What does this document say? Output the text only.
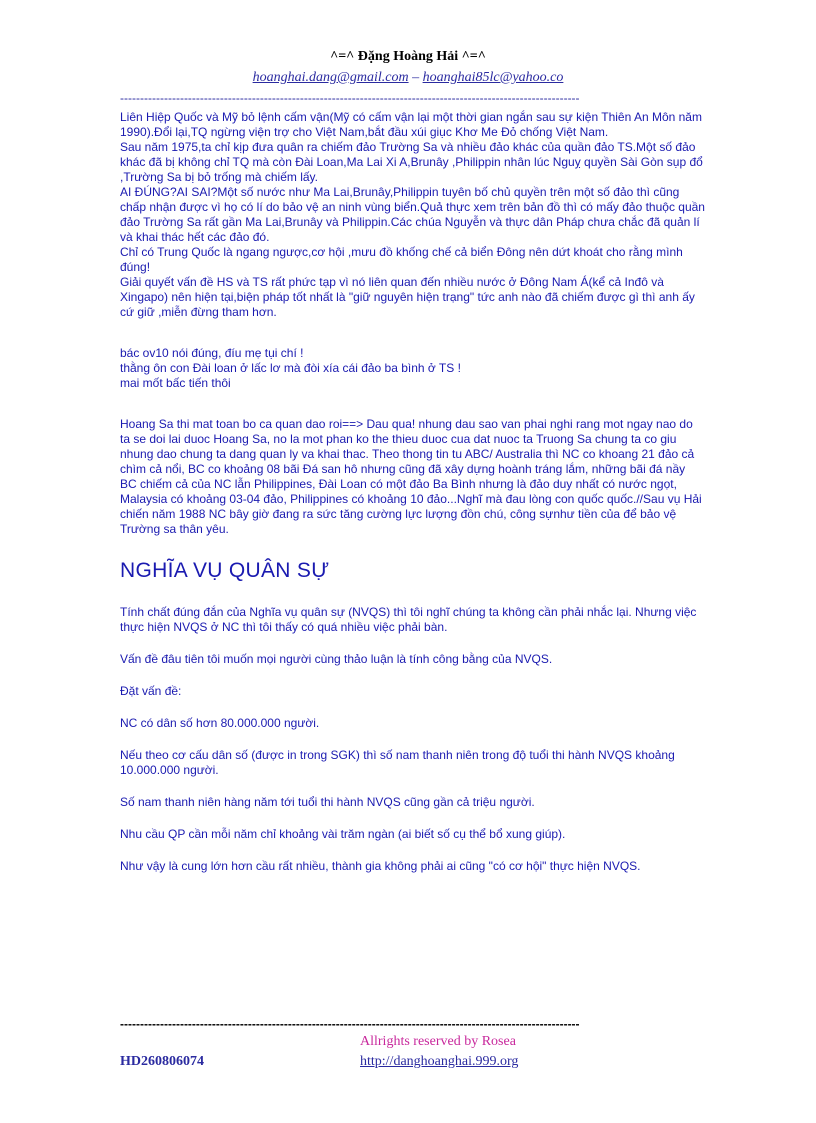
^=^ Đặng Hoàng Hải ^=^
hoanghai.dang@gmail.com – hoanghai85lc@yahoo.co
-------------------------------------------------------------------------------------------------------------------

Liên Hiệp Quốc và Mỹ bỏ lệnh cấm vận(Mỹ có cấm vận lại một thời gian ngắn sau sự kiện Thiên An Môn năm 1990).Đổi lại,TQ ngừng viện trợ cho Việt Nam,bắt đầu xúi giục Khơ Me Đỏ chống Việt Nam.

Sau năm 1975,ta chỉ kịp đưa quân ra chiếm đảo Trường Sa và nhiều đảo khác của quần đảo TS.Một số đảo khác đã bị không chỉ TQ mà còn Đài Loan,Ma Lai Xi A,Brunây ,Philippin nhân lúc Nguỵ quyền Sài Gòn sụp đổ ,Trường Sa bị bỏ trống mà chiếm lấy.

AI ĐÚNG?AI SAI?Một số nước như Ma Lai,Brunây,Philippin tuyên bố chủ quyền trên một số đảo thì cũng chấp nhận được vì họ có lí do bảo vệ an ninh vùng biển.Quả thực xem trên bản đồ thì có mấy đảo thuộc quần đảo Trường Sa rất gần Ma Lai,Brunây và Philippin.Các chúa Nguyễn và thực dân Pháp chưa chắc đã quản lí và khai thác hết các đảo đó.

Chỉ có Trung Quốc là ngang ngược,cơ hội ,mưu đồ khống chế cả biển Đông nên dứt khoát cho rằng mình đúng!

Giải quyết vấn đề HS và TS rất phức tạp vì nó liên quan đến nhiều nước ở Đông Nam Á(kể cả Inđô và Xingapo) nên hiện tại,biện pháp tốt nhất là "giữ nguyên hiện trạng" tức anh nào đã chiếm được gì thì anh ấy cứ giữ ,miễn đừng tham hơn.

bác ov10 nói đúng, đíu mẹ tụi chí !

thằng ôn con Đài loan ở lấc lơ mà đòi xía cái đảo ba bình ở TS !

mai mốt bấc tiến thôi

Hoang Sa thi mat toan bo ca quan dao roi==> Dau qua! nhung dau sao van phai nghi rang mot ngay nao do ta se doi lai duoc Hoang Sa, no la mot phan ko the thieu duoc cua dat nuoc ta Truong Sa chung ta co giu nhung dao chung ta dang quan ly va khai thac. Theo thong tin tu ABC/ Australia thì NC co khoang 21 đảo cả chìm cả nổi, BC co khoảng 08 bãi Đá san hô nhưng cũng đã xây dựng hoành tráng lắm, những bãi đá nầy BC chiếm cả của NC lẫn Philippines, Đài Loan có một đảo Ba Bình nhưng là đảo duy nhất có nước ngọt, Malaysia có khoảng 03-04 đảo, Philippines có khoảng 10 đảo...Nghĩ mà đau lòng con quốc quốc.//Sau vụ Hải chiến năm 1988 NC bây giờ đang ra sức tăng cường lực lượng đồn chú, công sựnhư tiền của để bảo vệ Trường sa thân yêu.

NGHĨA VỤ QUÂN SỰ

Tính chất đúng đắn của Nghĩa vụ quân sự (NVQS) thì tôi nghĩ chúng ta không cần phải nhắc lại. Nhưng việc thực hiện NVQS ở NC thì tôi thấy có quá nhiều việc phải bàn.

Vấn đề đâu tiên tôi muốn mọi người cùng thảo luận là tính công bằng của NVQS.

Đặt vấn đề:

NC có dân số hơn 80.000.000 người.

Nếu theo cơ cấu dân số (được in trong SGK) thì số nam thanh niên trong độ tuổi thi hành NVQS khoảng 10.000.000 người.

Số nam thanh niên hàng năm tới tuổi thi hành NVQS cũng gần cả triệu người.

Nhu cầu QP cần mỗi năm chỉ khoảng vài trăm ngàn (ai biết số cụ thể bổ xung giúp).

Như vậy là cung lớn hơn cầu rất nhiều, thành gia không phải ai cũng "có cơ hội" thực hiện NVQS.

-------------------------------------------------------------------------------------------------------------------
Allrights reserved by Rosea
HD260806074	http://danghoanghai.999.org
